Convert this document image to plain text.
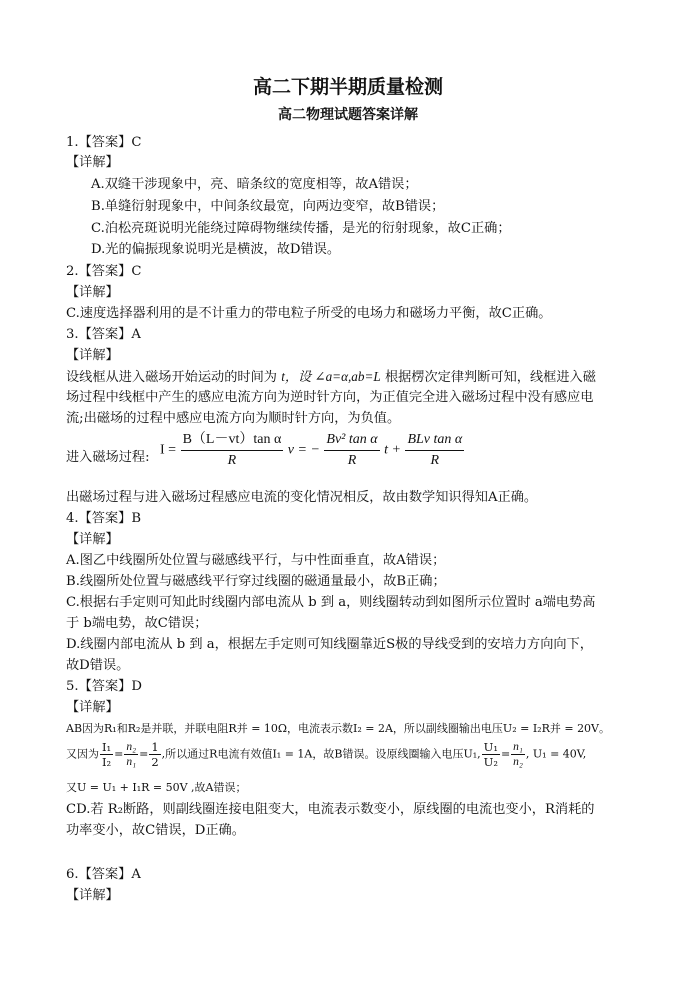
高二下期半期质量检测
高二物理试题答案详解
1.【答案】C
【详解】
A.双缝干涉现象中，亮、暗条纹的宽度相等，故A错误；
B.单缝衍射现象中，中间条纹最宽，向两边变窄，故B错误；
C.泊松亮斑说明光能绕过障碍物继续传播，是光的衍射现象，故C正确；
D.光的偏振现象说明光是横波，故D错误。
2.【答案】C
【详解】
C.速度选择器利用的是不计重力的带电粒子所受的电场力和磁场力平衡，故C正确。
3.【答案】A
【详解】
设线框从进入磁场开始运动的时间为 t，设 ∠a=α,ab=L 根据楞次定律判断可知，线框进入磁
场过程中线框中产生的感应电流方向为逆时针方向，为正值完全进入磁场过程中没有感应电
流;出磁场的过程中感应电流方向为顺时针方向，为负值。
进入磁场过程: $I = \frac{\text{B（L－vt）tan α}}{R}$ v = − $\frac{\text{Bv² tan α}}{R}$ $t + \frac{\text{BLv tan α}}{R}$
出磁场过程与进入磁场过程感应电流的变化情况相反，故由数学知识得知A正确。
4.【答案】B
【详解】
A.图乙中线圈所处位置与磁感线平行，与中性面垂直，故A错误；
B.线圈所处位置与磁感线平行穿过线圈的磁通量最小，故B正确；
C.根据右手定则可知此时线圈内部电流从 b 到 a，则线圈转动到如图所示位置时 a端电势高
于 b端电势，故C错误；
D.线圈内部电流从 b 到 a，根据左手定则可知线圈靠近S极的导线受到的安培力方向向下，
故D错误。
5.【答案】D
【详解】
AB因为R₁和R₂是并联，并联电阻R并 = 10Ω，电流表示数I₂ = 2A，所以副线圈输出电压U₂ = I₂R并 = 20V。
又因为 $\frac{\text{I₁}}{\text{I₂}} = \frac{\text{n₂}}{\text{n₁}} = \frac{1}{2}$ ,所以通过R电流有效值I₁ = 1A，故B错误。设原线圈输入电压U₁, $\frac{\text{U₁}}{\text{U₂}} = \frac{\text{n₁}}{\text{n₂}}$ , U₁ = 40V,
又U = U₁ + I₁R = 50V ,故A错误；
CD.若 R₂断路，则副线圈连接电阻变大，电流表示数变小，原线圈的电流也变小，R消耗的
功率变小，故C错误，D正确。
6.【答案】A
【详解】
